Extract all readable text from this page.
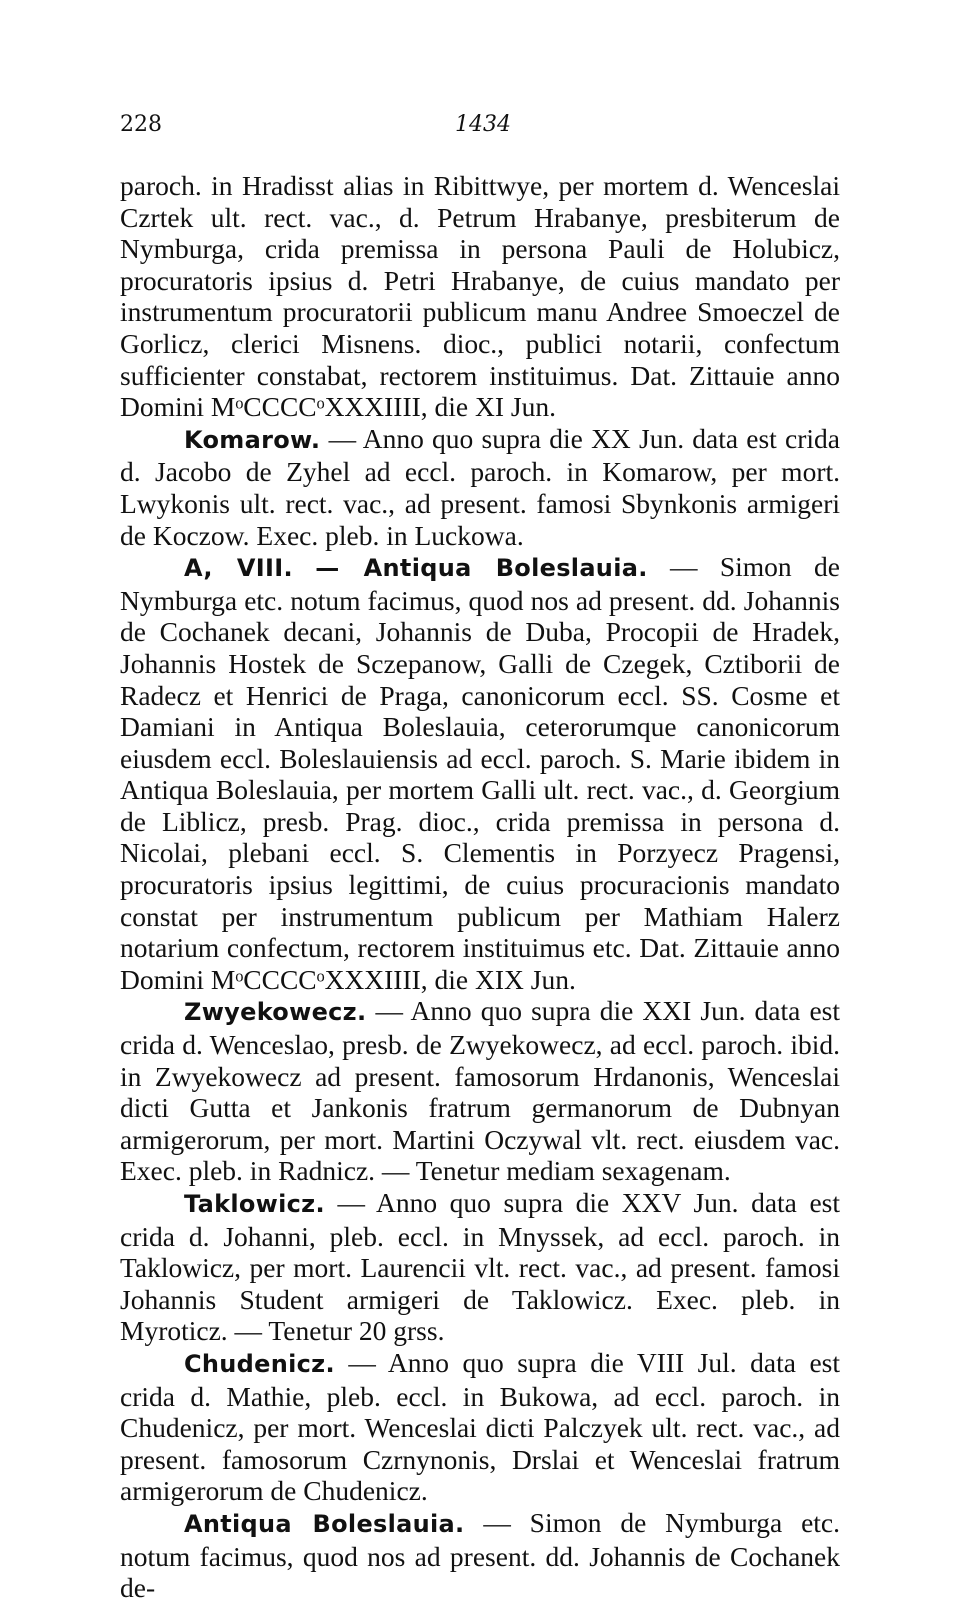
228	1434

paroch. in Hradisst alias in Ribittwye, per mortem d. Wenceslai Czrtek ult. rect. vac., d. Petrum Hrabanye, presbiterum de Nymburga, crida premissa in persona Pauli de Holubicz, procuratoris ipsius d. Petri Hrabanye, de cuius mandato per instrumentum procuratorii publicum manu Andree Smoeczel de Gorlicz, clerici Misnens. dioc., publici notarii, confectum sufficienter constabat, rectorem instituimus. Dat. Zittauie anno Domini MᵒCCCCᵒXXXIIII, die XI Jun.

Komarow. — Anno quo supra die XX Jun. data est crida d. Jacobo de Zyhel ad eccl. paroch. in Komarow, per mort. Lwykonis ult. rect. vac., ad present. famosi Sbynkonis armigeri de Koczow. Exec. pleb. in Luckowa.

A, VIII. — Antiqua Boleslauia. — Simon de Nymburga etc. notum facimus, quod nos ad present. dd. Johannis de Cochanek decani, Johannis de Duba, Procopii de Hradek, Johannis Hostek de Sczepanow, Galli de Czegek, Cztiborii de Radecz et Henrici de Praga, canonicorum eccl. SS. Cosme et Damiani in Antiqua Boleslauia, ceterorumque canonicorum eiusdem eccl. Boleslauiensis ad eccl. paroch. S. Marie ibidem in Antiqua Boleslauia, per mortem Galli ult. rect. vac., d. Georgium de Liblicz, presb. Prag. dioc., crida premissa in persona d. Nicolai, plebani eccl. S. Clementis in Porzyecz Pragensi, procuratoris ipsius legittimi, de cuius procuracionis mandato constat per instrumentum publicum per Mathiam Halerz notarium confectum, rectorem instituimus etc. Dat. Zittauie anno Domini MᵒCCCCᵒXXXIIII, die XIX Jun.

Zwyekowecz. — Anno quo supra die XXI Jun. data est crida d. Wenceslao, presb. de Zwyekowecz, ad eccl. paroch. ibid. in Zwyekowecz ad present. famosorum Hrdanonis, Wenceslai dicti Gutta et Jankonis fratrum germanorum de Dubnyan armigerorum, per mort. Martini Oczywal vlt. rect. eiusdem vac. Exec. pleb. in Radnicz. — Tenetur mediam sexagenam.

Taklowicz. — Anno quo supra die XXV Jun. data est crida d. Johanni, pleb. eccl. in Mnyssek, ad eccl. paroch. in Taklowicz, per mort. Laurencii vlt. rect. vac., ad present. famosi Johannis Student armigeri de Taklowicz. Exec. pleb. in Myroticz. — Tenetur 20 grss.

Chudenicz. — Anno quo supra die VIII Jul. data est crida d. Mathie, pleb. eccl. in Bukowa, ad eccl. paroch. in Chudenicz, per mort. Wenceslai dicti Palczyek ult. rect. vac., ad present. famosorum Czrnynonis, Drslai et Wenceslai fratrum armigerorum de Chudenicz.

Antiqua Boleslauia. — Simon de Nymburga etc. notum facimus, quod nos ad present. dd. Johannis de Cochanek de-
